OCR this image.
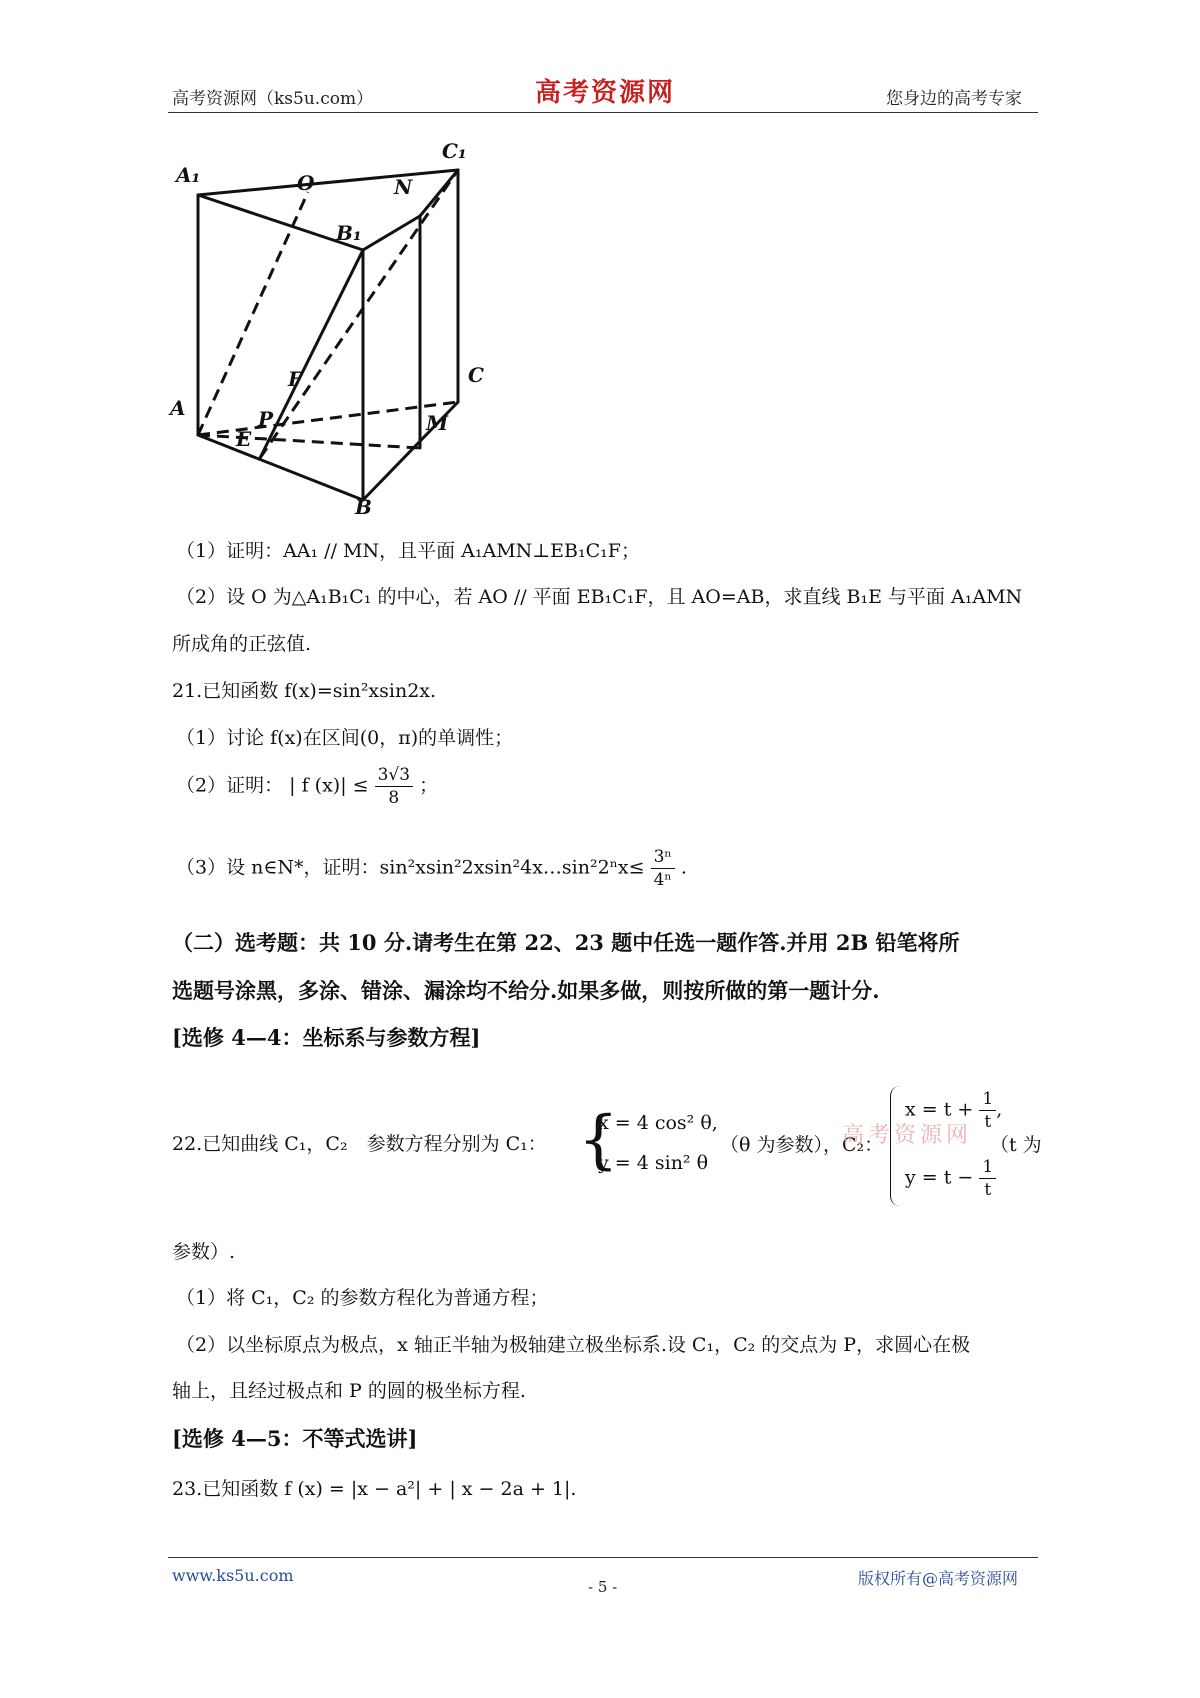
高考资源网（ks5u.com）	高考资源网	您身边的高考专家
A₁
C₁
O	N
B₁
C
F
A	P
E
M
B
（1）证明：AA₁ // MN，且平面 A₁AMN⊥EB₁C₁F；
（2）设 O 为△A₁B₁C₁ 的中心，若 AO // 平面 EB₁C₁F，且 AO=AB，求直线 B₁E 与平面 A₁AMN
所成角的正弦值.
21.已知函数 f(x)=sin²xsin2x.
（1）讨论 f(x)在区间(0，π)的单调性；
（2）证明： | f $(x)| \le \frac{3√3}{8}$ ；
（3）设 n∈N*，证明：sin²xsin²2xsin²4x…sin²2ⁿx≤ $\frac{\text{3ⁿ}}{\text{4ⁿ}}$ .
（二）选考题：共 10 分.请考生在第 22、23 题中任选一题作答.并用 2B 铅笔将所
选题号涂黑，多涂、错涂、漏涂均不给分.如果多做，则按所做的第一题计分.
[选修 4—4：坐标系与参数方程]
22.已知曲线 C₁，C₂　参数方程分别为 C₁： {
x = 4 cos² θ,
y = 4 sin² θ
（θ 为参数），C₂：
高考资源网
$x = t + \frac{1}{t}$ ,
$y = t - \frac{1}{t}$
（t 为
参数）.
（1）将 C₁，C₂ 的参数方程化为普通方程；
（2）以坐标原点为极点，x 轴正半轴为极轴建立极坐标系.设 C₁，C₂ 的交点为 P，求圆心在极
轴上，且经过极点和 P 的圆的极坐标方程.
[选修 4—5：不等式选讲]
23.已知函数 f (x) = |x − a²| + | x − 2a + 1|.
www.ks5u.com
- 5 -	版权所有@高考资源网
